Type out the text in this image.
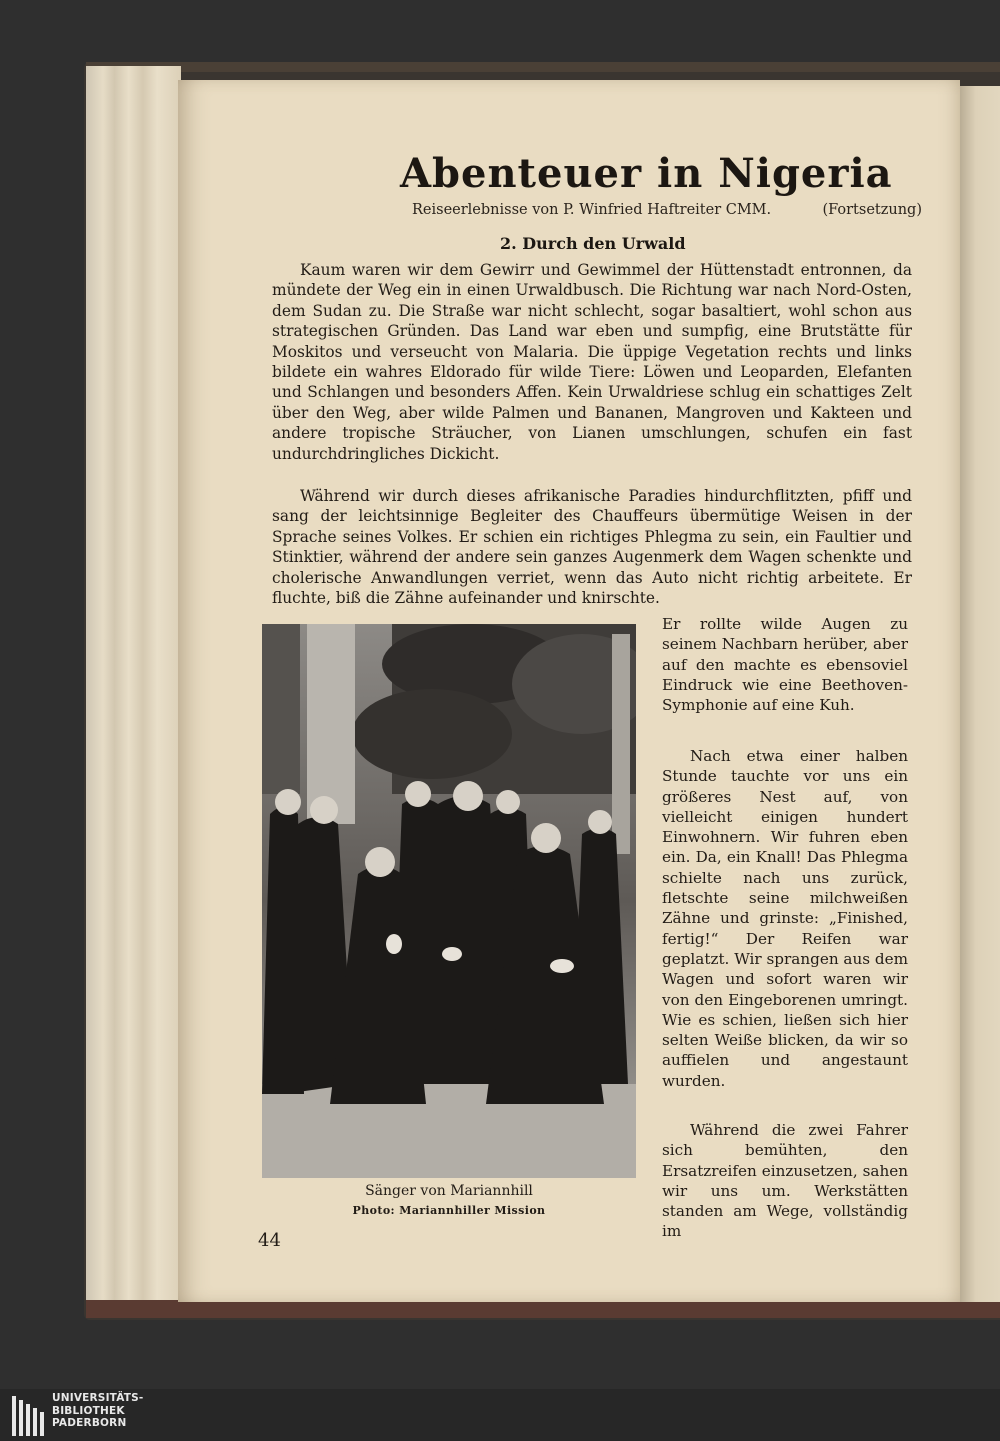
Abenteuer in Nigeria
Reiseerlebnisse von P. Winfried Haftreiter CMM.	(Fortsetzung)
2. Durch den Urwald
Kaum waren wir dem Gewirr und Gewimmel der Hüttenstadt entronnen, da mündete der Weg ein in einen Urwaldbusch. Die Richtung war nach Nord-Osten, dem Sudan zu. Die Straße war nicht schlecht, sogar basaltiert, wohl schon aus strategischen Gründen. Das Land war eben und sumpfig, eine Brutstätte für Moskitos und verseucht von Malaria. Die üppige Vegetation rechts und links bildete ein wahres Eldorado für wilde Tiere: Löwen und Leoparden, Elefanten und Schlangen und besonders Affen. Kein Urwaldriese schlug ein schattiges Zelt über den Weg, aber wilde Palmen und Bananen, Mangroven und Kakteen und andere tropische Sträucher, von Lianen umschlungen, schufen ein fast undurchdringliches Dickicht.
Während wir durch dieses afrikanische Paradies hindurchflitzten, pfiff und sang der leichtsinnige Begleiter des Chauffeurs übermütige Weisen in der Sprache seines Volkes. Er schien ein richtiges Phlegma zu sein, ein Faultier und Stinktier, während der andere sein ganzes Augenmerk dem Wagen schenkte und cholerische Anwandlungen verriet, wenn das Auto nicht richtig arbeitete. Er fluchte, biß die Zähne aufeinander und knirschte.
Sänger von Mariannhill
Photo: Mariannhiller Mission
Er rollte wilde Augen zu seinem Nachbarn herüber, aber auf den machte es ebensoviel Eindruck wie eine Beethoven-Symphonie auf eine Kuh.
Nach etwa einer halben Stunde tauchte vor uns ein größeres Nest auf, von vielleicht einigen hundert Einwohnern. Wir fuhren eben ein. Da, ein Knall! Das Phlegma schielte nach uns zurück, fletschte seine milchweißen Zähne und grinste: „Finished, fertig!“ Der Reifen war geplatzt. Wir sprangen aus dem Wagen und sofort waren wir von den Eingeborenen umringt. Wie es schien, ließen sich hier selten Weiße blicken, da wir so auffielen und angestaunt wurden.
Während die zwei Fahrer sich bemühten, den Ersatzreifen einzusetzen, sahen wir uns um. Werkstätten standen am Wege, vollständig im
44
UNIVERSITÄTS-
BIBLIOTHEK
PADERBORN
